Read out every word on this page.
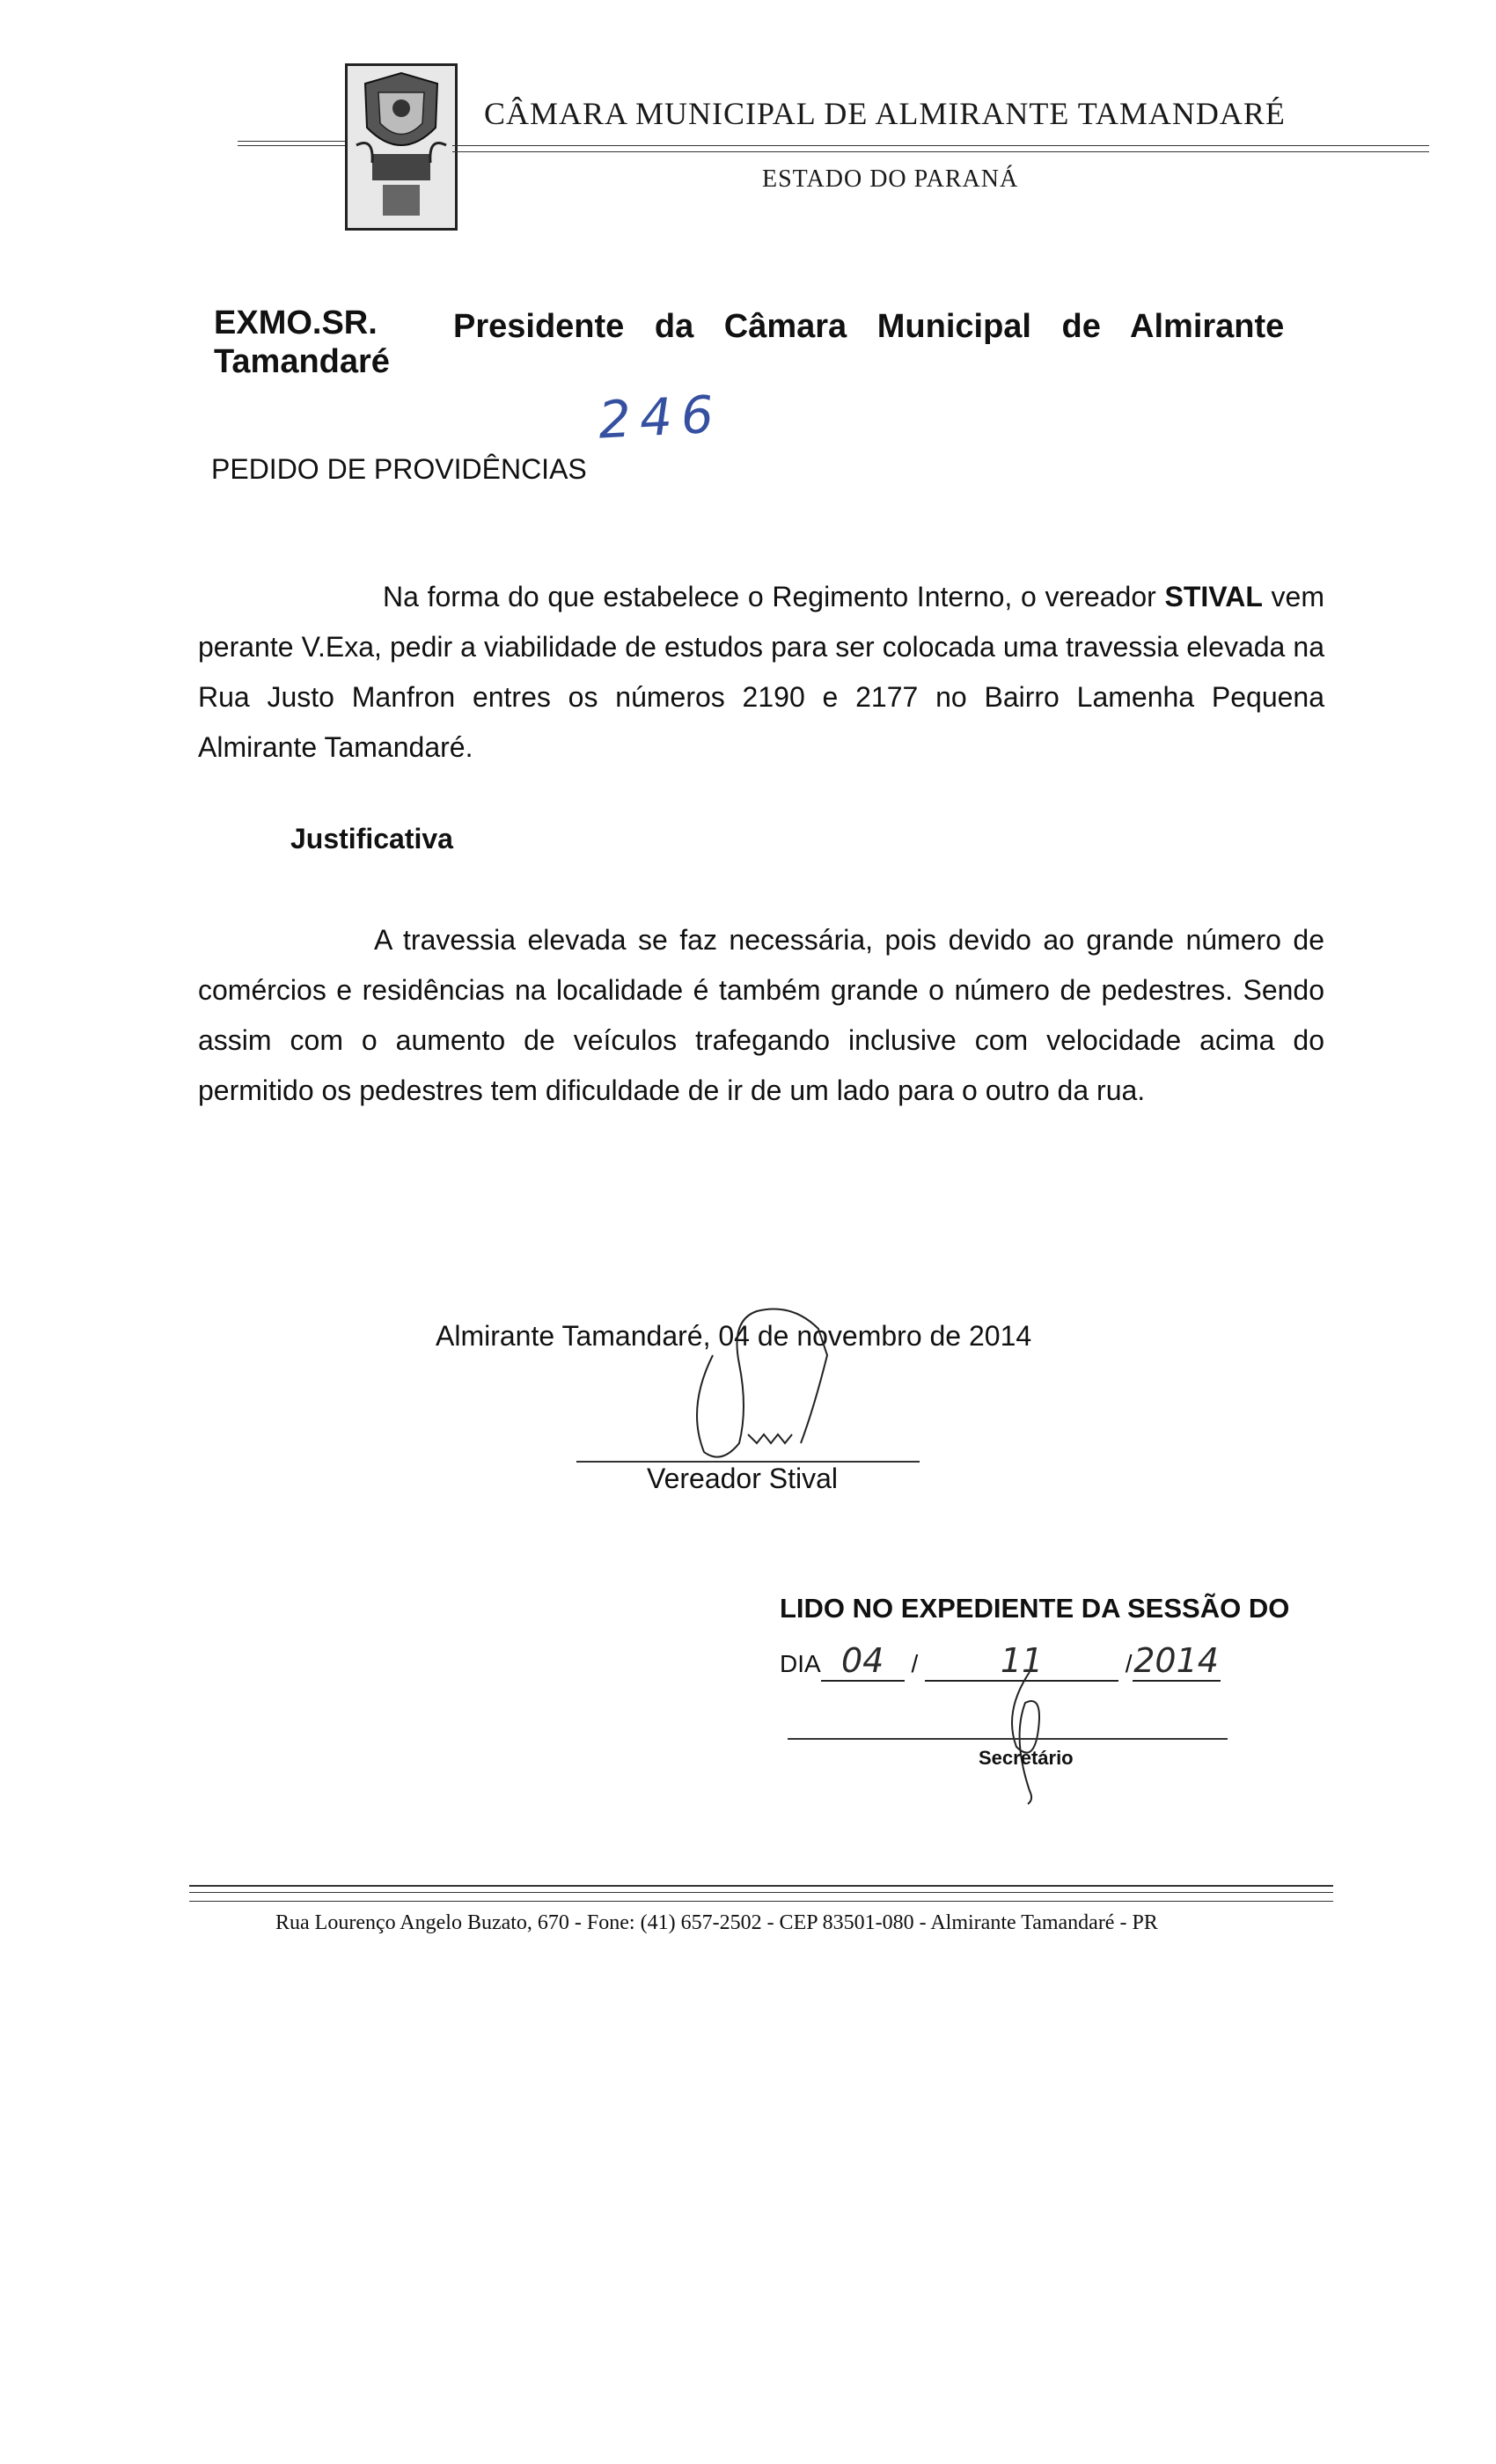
CÂMARA MUNICIPAL DE ALMIRANTE TAMANDARÉ
ESTADO DO PARANÁ
EXMO.SR. Presidente da Câmara Municipal de Almirante
Tamandaré
246
PEDIDO DE PROVIDÊNCIAS
Na forma do que estabelece o Regimento Interno, o vereador STIVAL vem perante V.Exa, pedir a viabilidade de estudos para ser colocada uma travessia elevada na Rua Justo Manfron entres os números 2190 e 2177 no Bairro Lamenha Pequena Almirante Tamandaré.
Justificativa
A travessia elevada se faz necessária, pois devido ao grande número de comércios e residências na localidade é também grande o número de pedestres. Sendo assim com o aumento de veículos trafegando inclusive com velocidade acima do permitido os pedestres tem dificuldade de ir de um lado para o outro da rua.
Almirante Tamandaré, 04 de novembro de 2014
Vereador Stival
LIDO NO EXPEDIENTE DA SESSÃO DO
DIA 04 / 11	/2014
Secretário
Rua Lourenço Angelo Buzato, 670 - Fone: (41) 657-2502 - CEP 83501-080 - Almirante Tamandaré - PR
